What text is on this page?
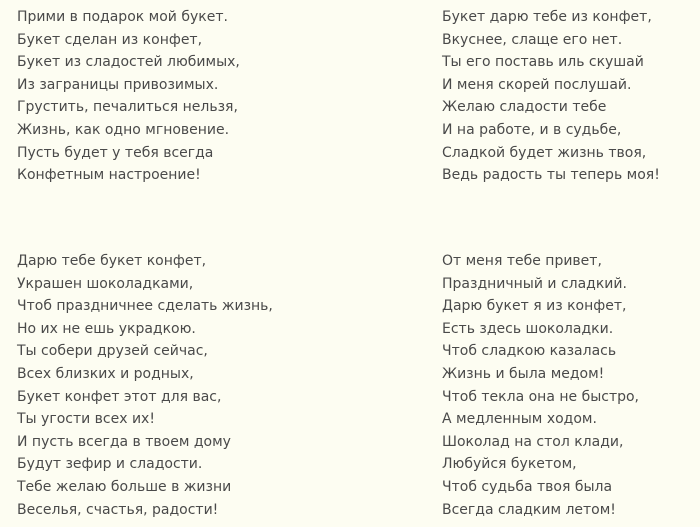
Прими в подарок мой букет.
Букет сделан из конфет,
Букет из сладостей любимых,
Из заграницы привозимых.
Грустить, печалиться нельзя,
Жизнь, как одно мгновение.
Пусть будет у тебя всегда
Конфетным настроение!
Букет дарю тебе из конфет,
Вкуснее, слаще его нет.
Ты его поставь иль скушай
И меня скорей послушай.
Желаю сладости тебе
И на работе, и в судьбе,
Сладкой будет жизнь твоя,
Ведь радость ты теперь моя!
Дарю тебе букет конфет,
Украшен шоколадками,
Чтоб праздничнее сделать жизнь,
Но их не ешь украдкою.
Ты собери друзей сейчас,
Всех близких и родных,
Букет конфет этот для вас,
Ты угости всех их!
И пусть всегда в твоем дому
Будут зефир и сладости.
Тебе желаю больше в жизни
Веселья, счастья, радости!
От меня тебе привет,
Праздничный и сладкий.
Дарю букет я из конфет,
Есть здесь шоколадки.
Чтоб сладкою казалась
Жизнь и была медом!
Чтоб текла она не быстро,
А медленным ходом.
Шоколад на стол клади,
Любуйся букетом,
Чтоб судьба твоя была
Всегда сладким летом!
